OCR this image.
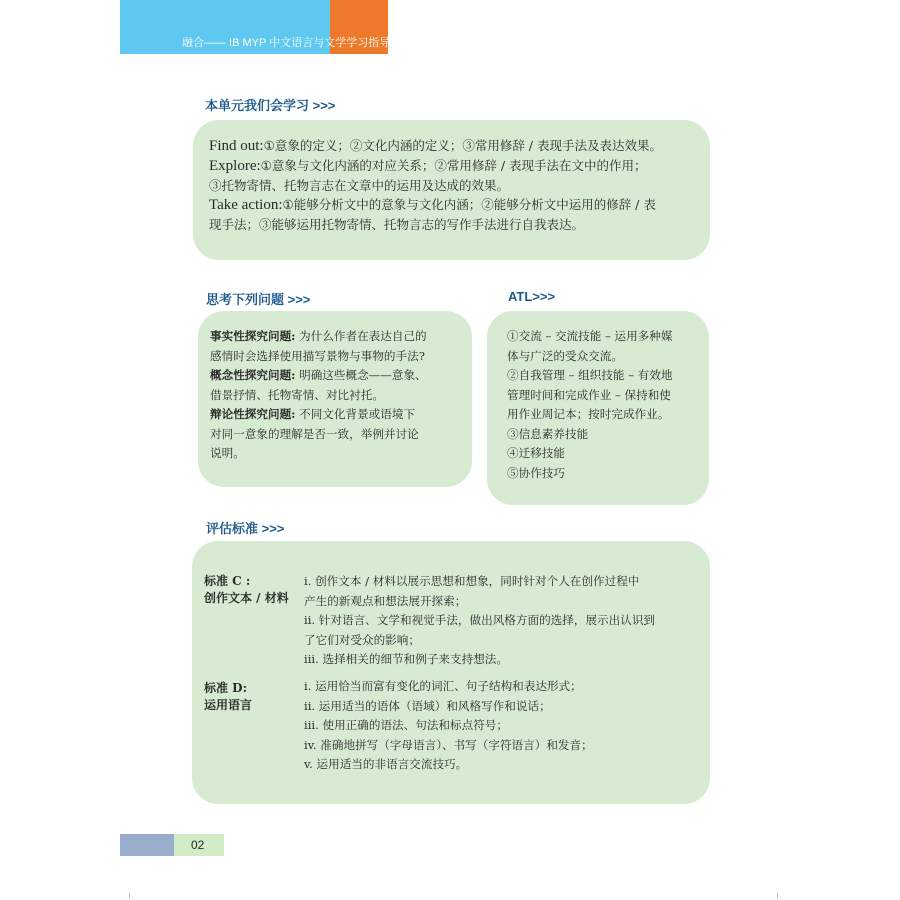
融合—— IB MYP 中文语言与文学学习指导
本单元我们会学习 >>>
Find out:①意象的定义；②文化内涵的定义；③常用修辞 / 表现手法及表达效果。
Explore:①意象与文化内涵的对应关系；②常用修辞 / 表现手法在文中的作用；
③托物寄情、托物言志在文章中的运用及达成的效果。
Take action:①能够分析文中的意象与文化内涵；②能够分析文中运用的修辞 / 表
现手法；③能够运用托物寄情、托物言志的写作手法进行自我表达。
思考下列问题 >>>
事实性探究问题: 为什么作者在表达自己的
感情时会选择使用描写景物与事物的手法?
概念性探究问题: 明确这些概念——意象、
借景抒情、托物寄情、对比衬托。
辩论性探究问题: 不同文化背景或语境下
对同一意象的理解是否一致，举例并讨论
说明。
ATL>>>
①交流 – 交流技能 – 运用多种媒
体与广泛的受众交流。
②自我管理 – 组织技能 – 有效地
管理时间和完成作业 – 保持和使
用作业周记本；按时完成作业。
③信息素养技能
④迁移技能
⑤协作技巧
评估标准 >>>
标准 C :
创作文本 / 材料
i. 创作文本 / 材料以展示思想和想象，同时针对个人在创作过程中
产生的新观点和想法展开探索；
ii. 针对语言、文学和视觉手法，做出风格方面的选择，展示出认识到
了它们对受众的影响；
iii. 选择相关的细节和例子来支持想法。
标准 D:
运用语言
i. 运用恰当而富有变化的词汇、句子结构和表达形式；
ii. 运用适当的语体（语域）和风格写作和说话；
iii. 使用正确的语法、句法和标点符号；
iv. 准确地拼写（字母语言）、书写（字符语言）和发音；
v. 运用适当的非语言交流技巧。
02
